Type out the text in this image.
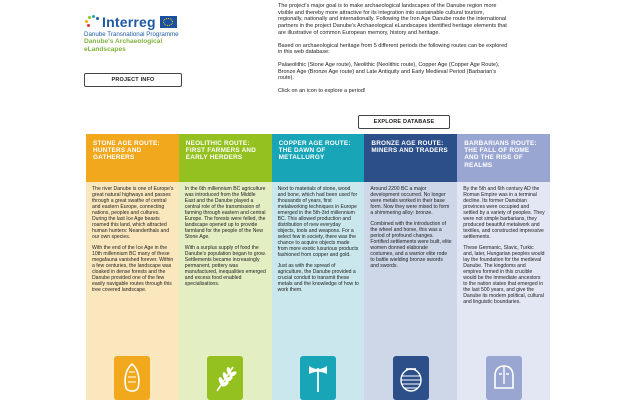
Interreg
Danube Transnational Programme
Danube's Archaeological
eLandscapes
PROJECT INFO

The project's major goal is to make archaeological landscapes of the Danube region more visible and thereby more attractive for its integration into sustainable cultural tourism, regionally, nationally and internationally. Following the Iron Age Danube route the international partners in the project Danube's Archaeological eLandscapes identified heritage elements that are illustrative of common European memory, history and heritage.

Based on archaeological heritage from 5 different periods the following routes can be explored in this web database:

Palaeolithic (Stone Age route), Neolithic (Neolithic route), Copper Age (Copper Age Route), Bronze Age (Bronze Age route) and Late Antiquity and Early Medieval Period (Barbarian's route).

Click on an icon to explore a period!

EXPLORE DATABASE
STONE AGE ROUTE:
HUNTERS AND GATHERERS

The river Danube is one of Europe's great natural highways and passes through a great swathe of central and eastern Europe, connecting nations, peoples and cultures. During the last Ice Age beasts roamed this land, which attracted human hunters: Neanderthals and our own species.

With the end of the Ice Age in the 10th millennium BC many of these megafauna vanished forever. Within a few centuries, the landscape was cloaked in dense forests and the Danube provided one of the few easily navigable routes through this tree covered landscape.

NEOLITHIC ROUTE:
FIRST FARMERS AND EARLY HERDERS

In the 6th millennium BC agriculture was introduced from the Middle East and the Danube played a central role of the transmission of farming through eastern and central Europe. The forests were felled, the landscape opened up to provide farmland for the people of the New Stone Age.

With a surplus supply of food the Danube's population began to grow. Settlements became increasingly permanent, pottery was manufactured, inequalities emerged and excess food enabled specialisations.

COPPER AGE ROUTE:
THE DAWN OF METALLURGY

Next to materials of stone, wood and bone, which had been used for thousands of years, first metalworking techniques in Europe emerged in the 5th-3rd millennium BC. This allowed production and distribution of new everyday objects, tools and weapons. For a select few in society, there was the chance to acquire objects made from more exotic luxurious products fashioned from copper and gold.

Just as with the spread of agriculture, the Danube provided a crucial conduit to transmit these metals and the knowledge of how to work them.

BRONZE AGE ROUTE:
MINERS AND TRADERS

Around 2200 BC a major development occurred. No longer were metals worked in their base form. Now they were mixed to form a shimmering alloy: bronze.

Combined with the introduction of the wheel and horse, this was a period of profound changes. Fortified settlements were built, elite women donned elaborate costumes, and a warrior elite rode to battle wielding bronze swords and swords.

BARBARIANS ROUTE:
THE FALL OF ROME AND THE RISE OF REALMS

By the 5th and 6th century AD the Roman Empire was in a terminal decline. Its former Danubian provinces were occupied and settled by a variety of peoples. They were not simple barbarians, they produced beautiful metalwork and textiles, and constructed impressive settlements.

These Germanic, Slavic, Turkic and, later, Hungarian peoples would lay the foundation for the medieval Danube. The kingdoms and empires formed in this crucible would be the immediate ancestors to the nation states that emerged in the last 500 years, and give the Danube its modern political, cultural and linguistic boundaries.
